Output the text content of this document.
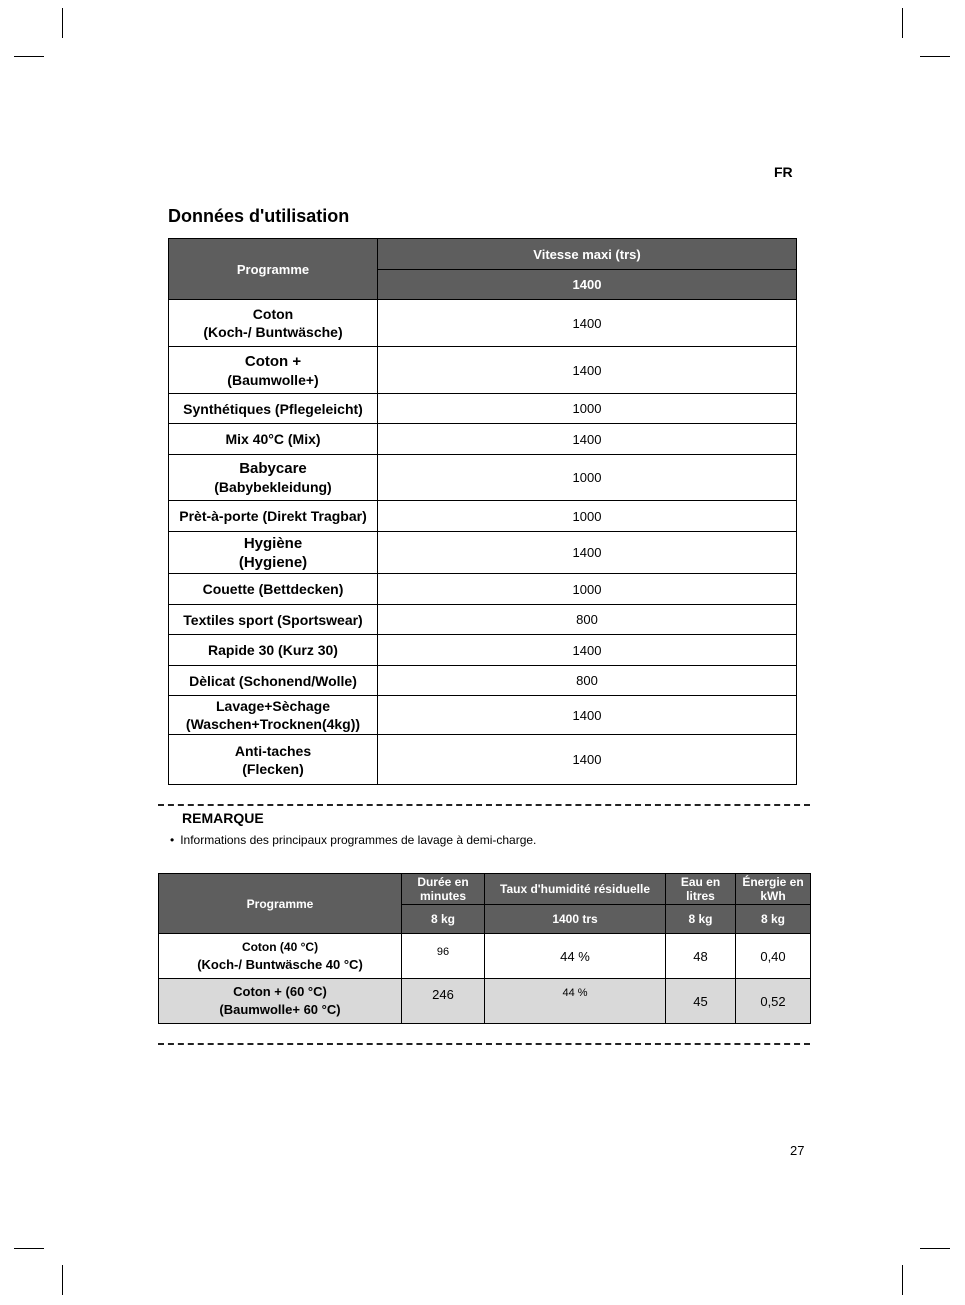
FR
Données d'utilisation
Programme	Vitesse maxi (trs)
	1400
Coton
(Koch-/ Buntwäsche)	1400
Coton +
(Baumwolle+)	1400
Synthétiques (Pflegeleicht)	1000
Mix 40°C (Mix)	1400
Babycare
(Babybekleidung)	1000
Prèt-à-porte (Direkt Tragbar)	1000
Hygiène
(Hygiene)	1400
Couette (Bettdecken)	1000
Textiles sport (Sportswear)	800
Rapide 30 (Kurz 30)	1400
Dèlicat (Schonend/Wolle)	800
Lavage+Sèchage
(Waschen+Trocknen(4kg))	1400
Anti-taches
(Flecken)	1400
REMARQUE
• Informations des principaux programmes de lavage à demi-charge.
Programme	Durée en minutes	Taux d'humidité résiduelle	Eau en litres	Énergie en kWh
	8 kg	1400 trs	8 kg	8 kg
Coton (40 °C)
(Koch-/ Buntwäsche 40 °C)	96	44 %	48	0,40
Coton + (60 °C)
(Baumwolle+ 60 °C)	246	44 %	45	0,52
27
